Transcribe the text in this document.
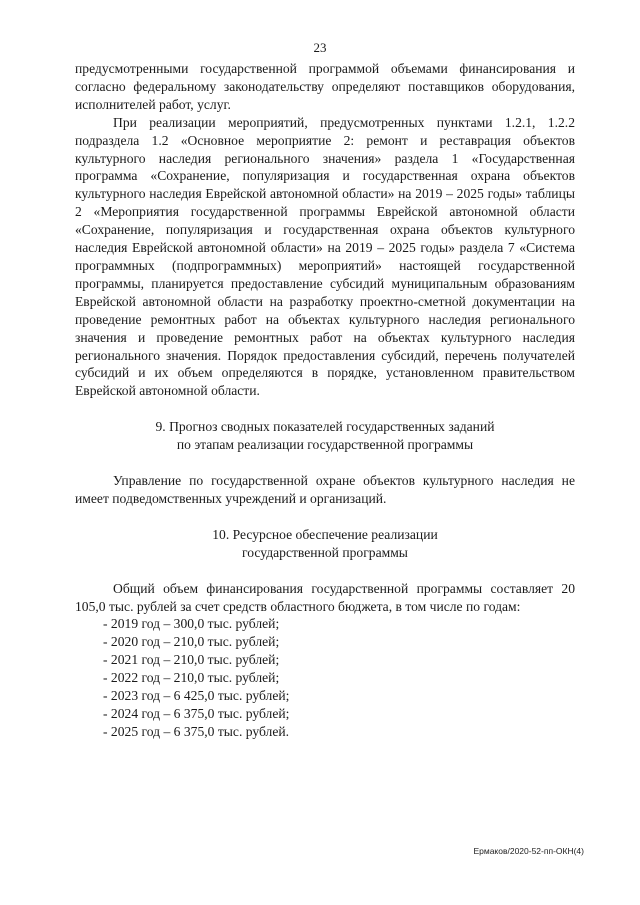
23

предусмотренными государственной программой объемами финансирования и согласно федеральному законодательству определяют поставщиков оборудования, исполнителей работ, услуг.

При реализации мероприятий, предусмотренных пунктами 1.2.1, 1.2.2 подраздела 1.2 «Основное мероприятие 2: ремонт и реставрация объектов культурного наследия регионального значения» раздела 1 «Государственная программа «Сохранение, популяризация и государственная охрана объектов культурного наследия Еврейской автономной области» на 2019 – 2025 годы» таблицы 2 «Мероприятия государственной программы Еврейской автономной области «Сохранение, популяризация и государственная охрана объектов культурного наследия Еврейской автономной области» на 2019 – 2025 годы» раздела 7 «Система программных (подпрограммных) мероприятий» настоящей государственной программы, планируется предоставление субсидий муниципальным образованиям Еврейской автономной области на разработку проектно-сметной документации на проведение ремонтных работ на объектах культурного наследия регионального значения и проведение ремонтных работ на объектах культурного наследия регионального значения. Порядок предоставления субсидий, перечень получателей субсидий и их объем определяются в порядке, установленном правительством Еврейской автономной области.

9. Прогноз сводных показателей государственных заданий
по этапам реализации государственной программы

Управление по государственной охране объектов культурного наследия не имеет подведомственных учреждений и организаций.

10. Ресурсное обеспечение реализации
государственной программы

Общий объем финансирования государственной программы составляет 20 105,0 тыс. рублей за счет средств областного бюджета, в том числе по годам:

- 2019 год – 300,0 тыс. рублей;
- 2020 год – 210,0 тыс. рублей;
- 2021 год – 210,0 тыс. рублей;
- 2022 год – 210,0 тыс. рублей;
- 2023 год – 6 425,0 тыс. рублей;
- 2024 год – 6 375,0 тыс. рублей;
- 2025 год – 6 375,0 тыс. рублей.
Ермаков/2020-52-пп-ОКН(4)
